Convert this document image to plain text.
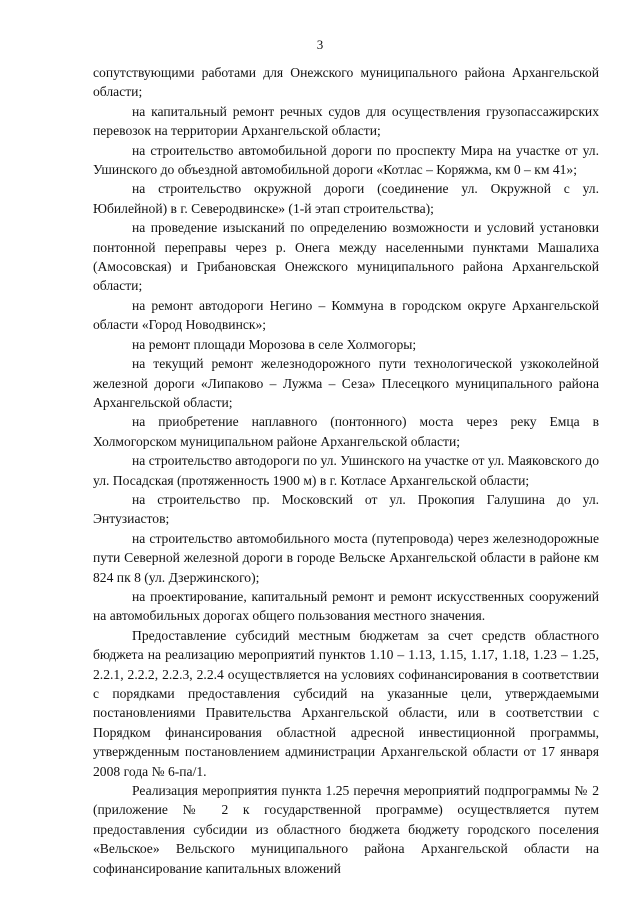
3

сопутствующими работами для Онежского муниципального района Архангельской области;

на капитальный ремонт речных судов для осуществления грузопассажирских перевозок на территории Архангельской области;

на строительство автомобильной дороги по проспекту Мира на участке от ул. Ушинского до объездной автомобильной дороги «Котлас – Коряжма, км 0 – км 41»;

на строительство окружной дороги (соединение ул. Окружной с ул. Юбилейной) в г. Северодвинске» (1-й этап строительства);

на проведение изысканий по определению возможности и условий установки понтонной переправы через р. Онега между населенными пунктами Машалиха (Амосовская) и Грибановская Онежского муниципального района Архангельской области;

на ремонт автодороги Негино – Коммуна в городском округе Архангельской области «Город Новодвинск»;

на ремонт площади Морозова в селе Холмогоры;

на текущий ремонт железнодорожного пути технологической узкоколейной железной дороги «Липаково – Лужма – Сеза» Плесецкого муниципального района Архангельской области;

на приобретение наплавного (понтонного) моста через реку Емца в Холмогорском муниципальном районе Архангельской области;

на строительство автодороги по ул. Ушинского на участке от ул. Маяковского до ул. Посадская (протяженность 1900 м) в г. Котласе Архангельской области;

на строительство пр. Московский от ул. Прокопия Галушина до ул. Энтузиастов;

на строительство автомобильного моста (путепровода) через железнодорожные пути Северной железной дороги в городе Вельске Архангельской области в районе км 824 пк 8 (ул. Дзержинского);

на проектирование, капитальный ремонт и ремонт искусственных сооружений на автомобильных дорогах общего пользования местного значения.

Предоставление субсидий местным бюджетам за счет средств областного бюджета на реализацию мероприятий пунктов 1.10 – 1.13, 1.15, 1.17, 1.18, 1.23 – 1.25, 2.2.1, 2.2.2, 2.2.3, 2.2.4 осуществляется на условиях софинансирования в соответствии с порядками предоставления субсидий на указанные цели, утверждаемыми постановлениями Правительства Архангельской области, или в соответствии с Порядком финансирования областной адресной инвестиционной программы, утвержденным постановлением администрации Архангельской области от 17 января 2008 года № 6-па/1.

Реализация мероприятия пункта 1.25 перечня мероприятий подпрограммы № 2 (приложение № 2 к государственной программе) осуществляется путем предоставления субсидии из областного бюджета бюджету городского поселения «Вельское» Вельского муниципального района Архангельской области на софинансирование капитальных вложений
